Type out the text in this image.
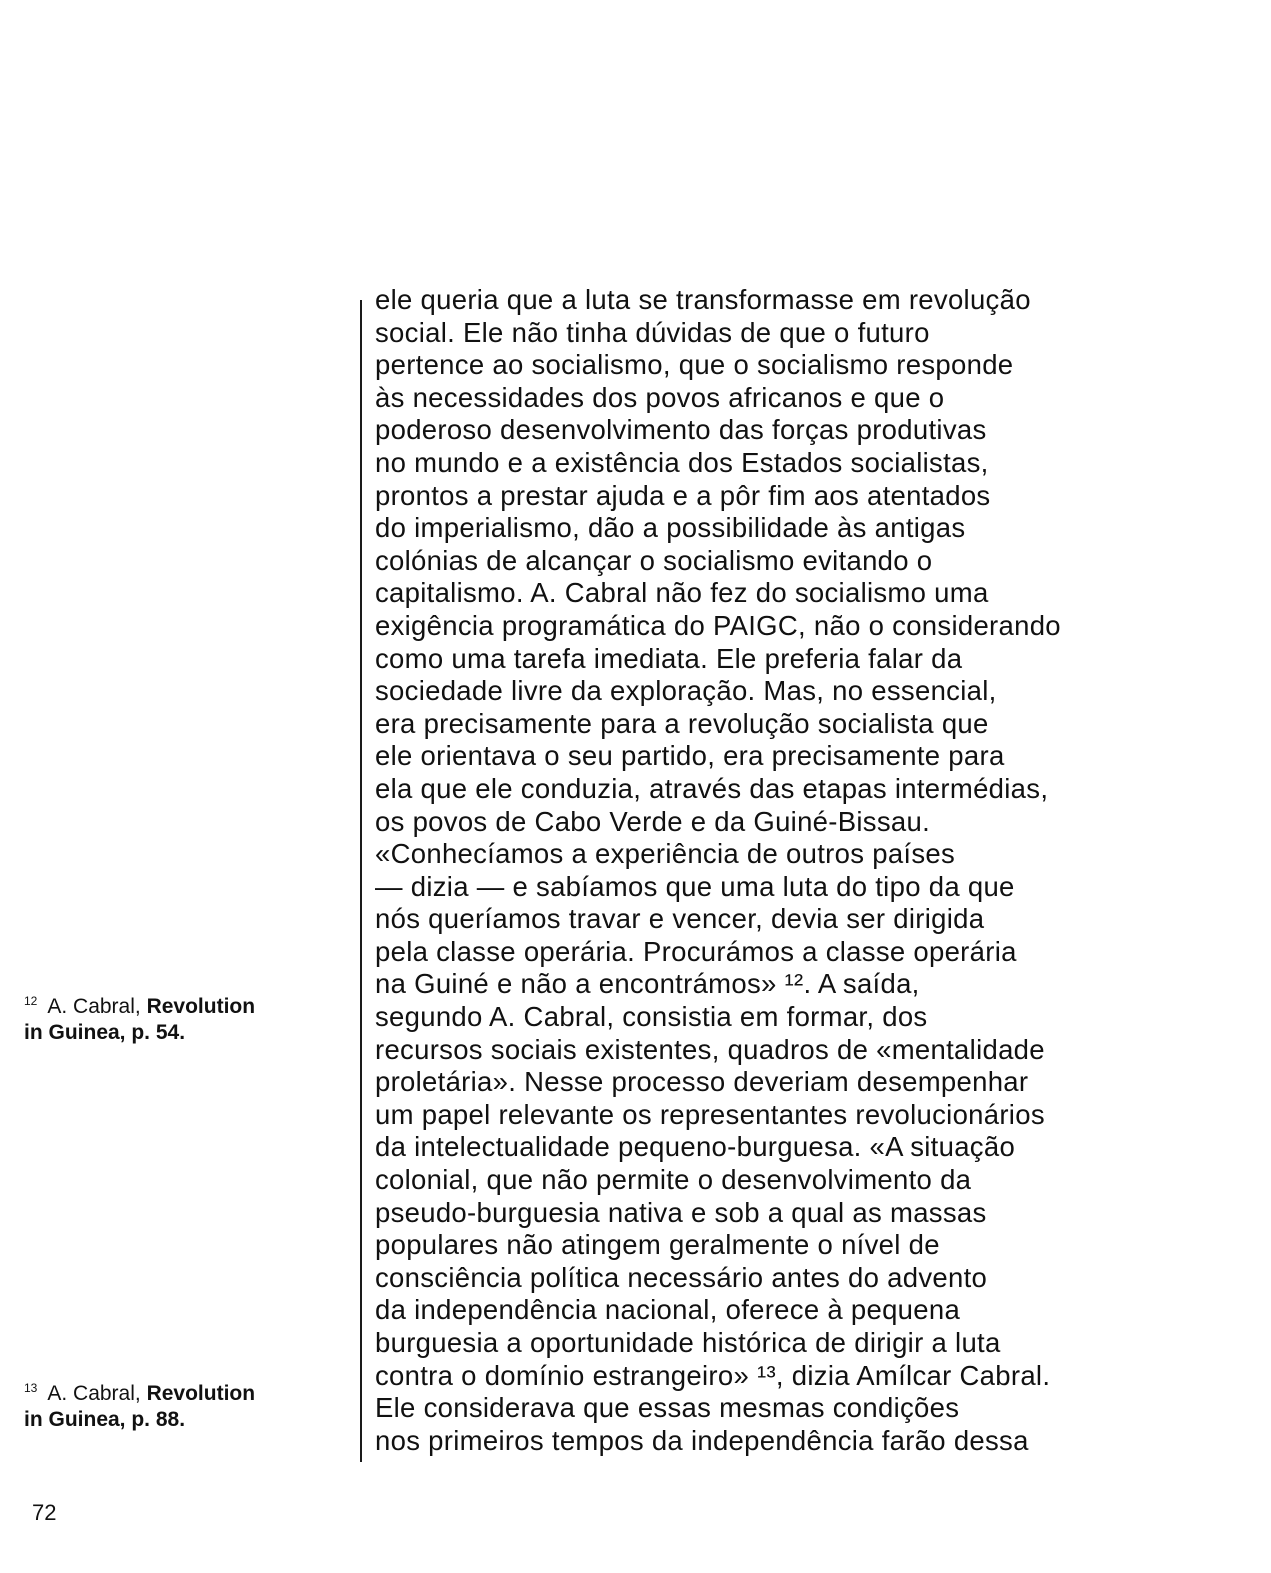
ele queria que a luta se transformasse em revolução
social. Ele não tinha dúvidas de que o futuro
pertence ao socialismo, que o socialismo responde
às necessidades dos povos africanos e que o
poderoso desenvolvimento das forças produtivas
no mundo e a existência dos Estados socialistas,
prontos a prestar ajuda e a pôr fim aos atentados
do imperialismo, dão a possibilidade às antigas
colónias de alcançar o socialismo evitando o
capitalismo. A. Cabral não fez do socialismo uma
exigência programática do PAIGC, não o considerando
como uma tarefa imediata. Ele preferia falar da
sociedade livre da exploração. Mas, no essencial,
era precisamente para a revolução socialista que
ele orientava o seu partido, era precisamente para
ela que ele conduzia, através das etapas intermédias,
os povos de Cabo Verde e da Guiné-Bissau.
«Conhecíamos a experiência de outros países
— dizia — e sabíamos que uma luta do tipo da que
nós queríamos travar e vencer, devia ser dirigida
pela classe operária. Procurámos a classe operária
na Guiné e não a encontrámos» ¹². A saída,
segundo A. Cabral, consistia em formar, dos
recursos sociais existentes, quadros de «mentalidade
proletária». Nesse processo deveriam desempenhar
um papel relevante os representantes revolucionários
da intelectualidade pequeno-burguesa. «A situação
colonial, que não permite o desenvolvimento da
pseudo-burguesia nativa e sob a qual as massas
populares não atingem geralmente o nível de
consciência política necessário antes do advento
da independência nacional, oferece à pequena
burguesia a oportunidade histórica de dirigir a luta
contra o domínio estrangeiro» ¹³, dizia Amílcar Cabral.
Ele considerava que essas mesmas condições
nos primeiros tempos da independência farão dessa
$^{12}$ A. Cabral, Revolution
in Guinea, p. 54.
$^{13}$ A. Cabral, Revolution
in Guinea, p. 88.
72
